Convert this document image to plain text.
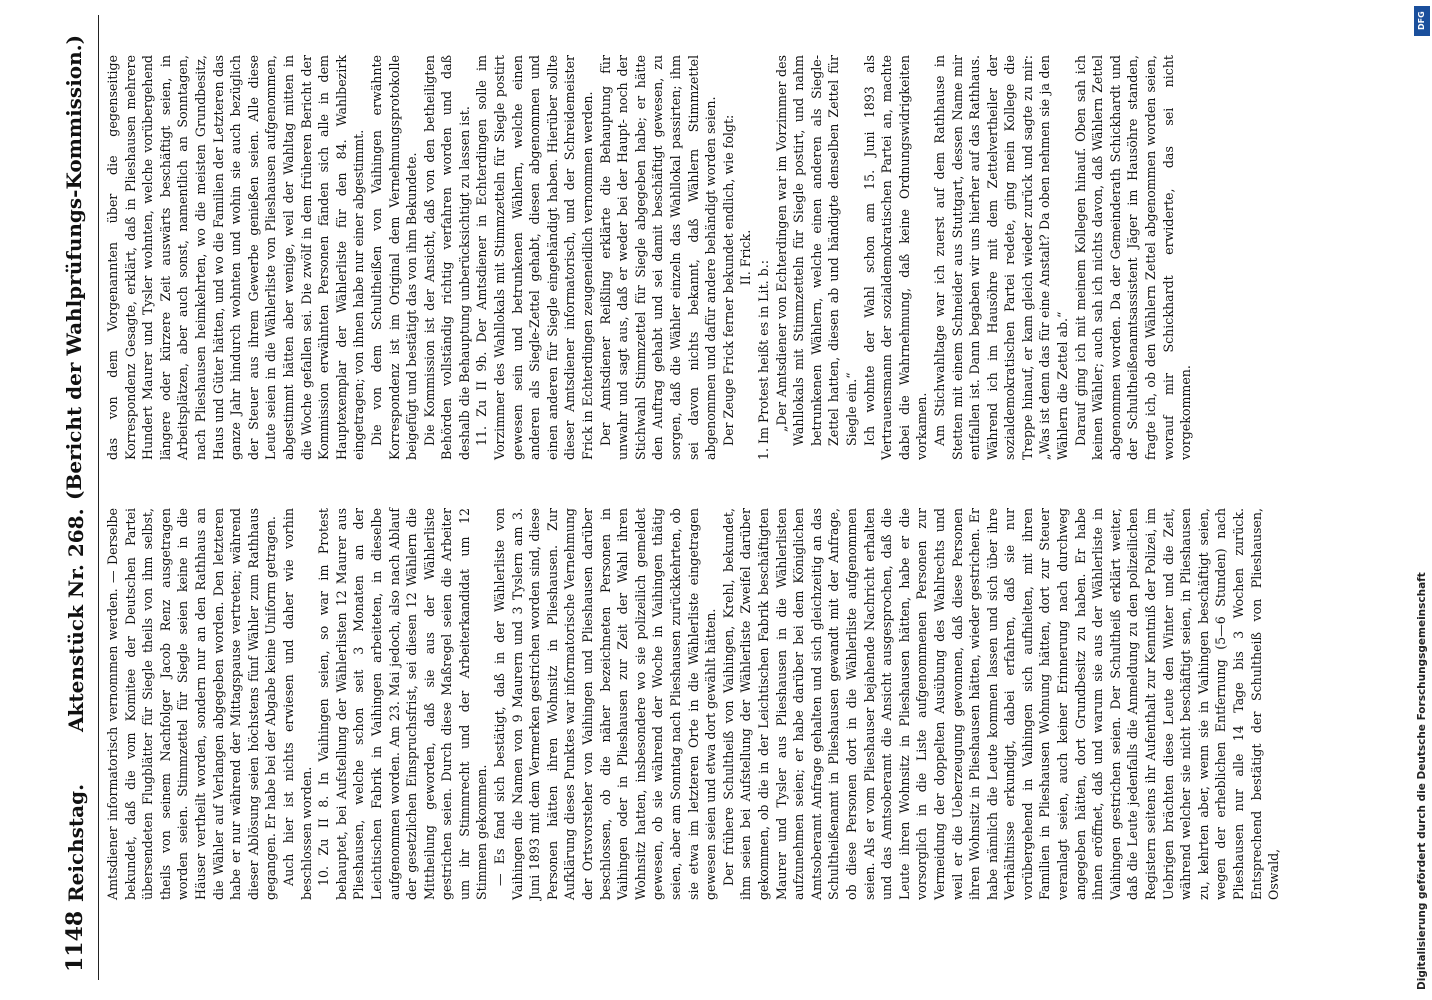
1148
Reichstag.
Aktenstück Nr. 268.
(Bericht der Wahlprüfungs-Kommission.)

Amtsdiener informatorisch vernommen werden. — Derselbe bekundet, daß die vom Komitee der Deutschen Partei übersendeten Flugblätter für Siegle theils von ihm selbst, theils von seinem Nachfolger Jacob Renz ausgetragen worden seien. Stimmzettel für Siegle seien keine in die Häuser vertheilt worden, sondern nur an den Rathhaus an die Wähler auf Verlangen abgegeben worden. Den letzteren habe er nur während der Mittagspause vertreten; während dieser Ablösung seien höchstens fünf Wähler zum Rathhaus gegangen. Er habe bei der Abgabe keine Uniform getragen. Auch hier ist nichts erwiesen und daher wie vorhin beschlossen worden. 10. Zu II 8. In Vaihingen seien, so war im Protest behauptet, bei Aufstellung der Wählerlisten 12 Maurer aus Plieshausen, welche schon seit 3 Monaten an der Leichtischen Fabrik in Vaihingen arbeiteten, in dieselbe aufgenommen worden. Am 23. Mai jedoch, also nach Ablauf der gesetzlichen Einspruchsfrist, sei diesen 12 Wählern die Mittheilung geworden, daß sie aus der Wählerliste gestrichen seien. Durch diese Maßregel seien die Arbeiter um ihr Stimmrecht und der Arbeiterkandidat um 12 Stimmen gekommen. — Es fand sich bestätigt, daß in der Wählerliste von Vaihingen die Namen von 9 Maurern und 3 Tyslern am 3. Juni 1893 mit dem Vermerken gestrichen worden sind, diese Personen hätten ihren Wohnsitz in Plieshausen. Zur Aufklärung dieses Punktes war informatorische Vernehmung der Ortsvorsteher von Vaihingen und Plieshausen darüber beschlossen, ob die näher bezeichneten Personen in Vaihingen oder in Plieshausen zur Zeit der Wahl ihren Wohnsitz hatten, insbesondere wo sie polizeilich gemeldet gewesen, ob sie während der Woche in Vaihingen thätig seien, aber am Sonntag nach Plieshausen zurückkehrten, ob sie etwa im letzteren Orte in die Wählerliste eingetragen gewesen seien und etwa dort gewählt hätten. Der frühere Schultheiß von Vaihingen, Krehl, bekundet, ihm seien bei Aufstellung der Wählerliste Zweifel darüber gekommen, ob die in der Leichtischen Fabrik beschäftigten Maurer und Tysler aus Plieshausen in die Wählerlisten aufzunehmen seien; er habe darüber bei dem Königlichen Amtsoberamt Anfrage gehalten und sich gleichzeitig an das Schultheißenamt in Plieshausen gewandt mit der Anfrage, ob diese Personen dort in die Wählerliste aufgenommen seien. Als er vom Plieshauser bejahende Nachricht erhalten und das Amtsoberamt die Ansicht ausgesprochen, daß die Leute ihren Wohnsitz in Plieshausen hätten, habe er die vorsorglich in die Liste aufgenommenen Personen zur Vermeidung der doppelten Ausübung des Wahlrechts und weil er die Ueberzeugung gewonnen, daß diese Personen ihren Wohnsitz in Plieshausen hätten, wieder gestrichen. Er habe nämlich die Leute kommen lassen und sich über ihre Verhältnisse erkundigt, dabei erfahren, daß sie nur vorübergehend in Vaihingen sich aufhielten, mit ihren Familien in Plieshausen Wohnung hätten, dort zur Steuer veranlagt seien, auch keiner Erinnerung nach durchweg angegeben hätten, dort Grundbesitz zu haben. Er habe ihnen eröffnet, daß und warum sie aus der Wählerliste in Vaihingen gestrichen seien. Der Schultheiß erklärt weiter, daß die Leute jedenfalls die Anmeldung zu den polizeilichen Registern seitens ihr Aufenthalt zur Kenntniß der Polizei, im Uebrigen brächten diese Leute den Winter und die Zeit, während welcher sie nicht beschäftigt seien, in Plieshausen zu, kehrten aber, wenn sie in Vaihingen beschäftigt seien, wegen der erheblichen Entfernung (5—6 Stunden) nach Plieshausen nur alle 14 Tage bis 3 Wochen zurück. Entsprechend bestätigt der Schultheiß von Plieshausen, Oswald,

das von dem Vorgenannten über die gegenseitige Korrespondenz Gesagte, erklärt, daß in Plieshausen mehrere Hundert Maurer und Tysler wohnten, welche vorübergehend längere oder kürzere Zeit auswärts beschäftigt seien, in Arbeitsplätzen, aber auch sonst, namentlich an Sonntagen, nach Plieshausen heimkehrten, wo die meisten Grundbesitz, Haus und Güter hätten, und wo die Familien der Letzteren das ganze Jahr hindurch wohnten und wohin sie auch bezüglich der Steuer aus ihrem Gewerbe genießen seien. Alle diese Leute seien in die Wählerliste von Plieshausen aufgenommen, abgestimmt hätten aber wenige, weil der Wahltag mitten in die Woche gefallen sei. Die zwölf in dem früheren Bericht der Kommission erwähnten Personen fänden sich alle in dem Hauptexemplar der Wählerliste für den 84. Wahlbezirk eingetragen; von ihnen habe nur einer abgestimmt. Die von dem Schultheißen von Vaihingen erwähnte Korrespondenz ist im Original dem Vernehmungsprotokolle beigefügt und bestätigt das von ihm Bekundete. Die Kommission ist der Ansicht, daß von den betheiligten Behörden vollständig richtig verfahren worden und daß deshalb die Behauptung unberücksichtigt zu lassen ist. 11. Zu II 9b. Der Amtsdiener in Echterdingen solle im Vorzimmer des Wahllokals mit Stimmzetteln für Siegle postirt gewesen sein und betrunkenen Wählern, welche einen anderen als Siegle-Zettel gehabt, diesen abgenommen und einen anderen für Siegle eingehändigt haben. Hierüber sollte dieser Amtsdiener informatorisch, und der Schreidemeister Frick in Echterdingen zeugeneidlich vernommen werden. Der Amtsdiener Reißling erklärte die Behauptung für unwahr und sagt aus, daß er weder bei der Haupt- noch der Stichwahl Stimmzettel für Siegle abgegeben habe; er hätte den Auftrag gehabt und sei damit beschäftigt gewesen, zu sorgen, daß die Wähler einzeln das Wahllokal passirten; ihm sei davon nichts bekannt, daß Wählern Stimmzettel abgenommen und dafür andere behändigt worden seien. Der Zeuge Frick ferner bekundet endlich, wie folgt: II. Frick.

1. Im Protest heißt es in Lit. b.: „Der Amtsdiener von Echterdingen war im Vorzimmer des Wahllokals mit Stimmzetteln für Siegle postirt, und nahm betrunkenen Wählern, welche einen anderen als Siegle-Zettel hatten, diesen ab und händigte denselben Zettel für Siegle ein.“ Ich wohnte der Wahl schon am 15. Juni 1893 als Vertrauensmann der sozialdemokratischen Partei an, machte dabei die Wahrnehmung, daß keine Ordnungswidrigkeiten vorkamen. Am Stichwahltage war ich zuerst auf dem Rathhause in Stetten mit einem Schneider aus Stuttgart, dessen Name mir entfallen ist. Dann begaben wir uns hierher auf das Rathhaus. Während ich im Hausöhre mit dem Zettelvertheiler der sozialdemokratischen Partei redete, ging mein Kollege die Treppe hinauf, er kam gleich wieder zurück und sagte zu mir: „Was ist denn das für eine Anstalt? Da oben nehmen sie ja den Wählern die Zettel ab.“ Darauf ging ich mit meinem Kollegen hinauf. Oben sah ich keinen Wähler; auch sah ich nichts davon, daß Wählern Zettel abgenommen worden. Da der Gemeinderath Schickhardt und der Schultheißenamtsassistent Jäger im Hausöhre standen, fragte ich, ob den Wählern Zettel abgenommen worden seien, worauf mir Schickhardt erwiderte, das sei nicht vorgekommen.

DFG
Digitalisierung gefördert durch die Deutsche Forschungsgemeinschaft
